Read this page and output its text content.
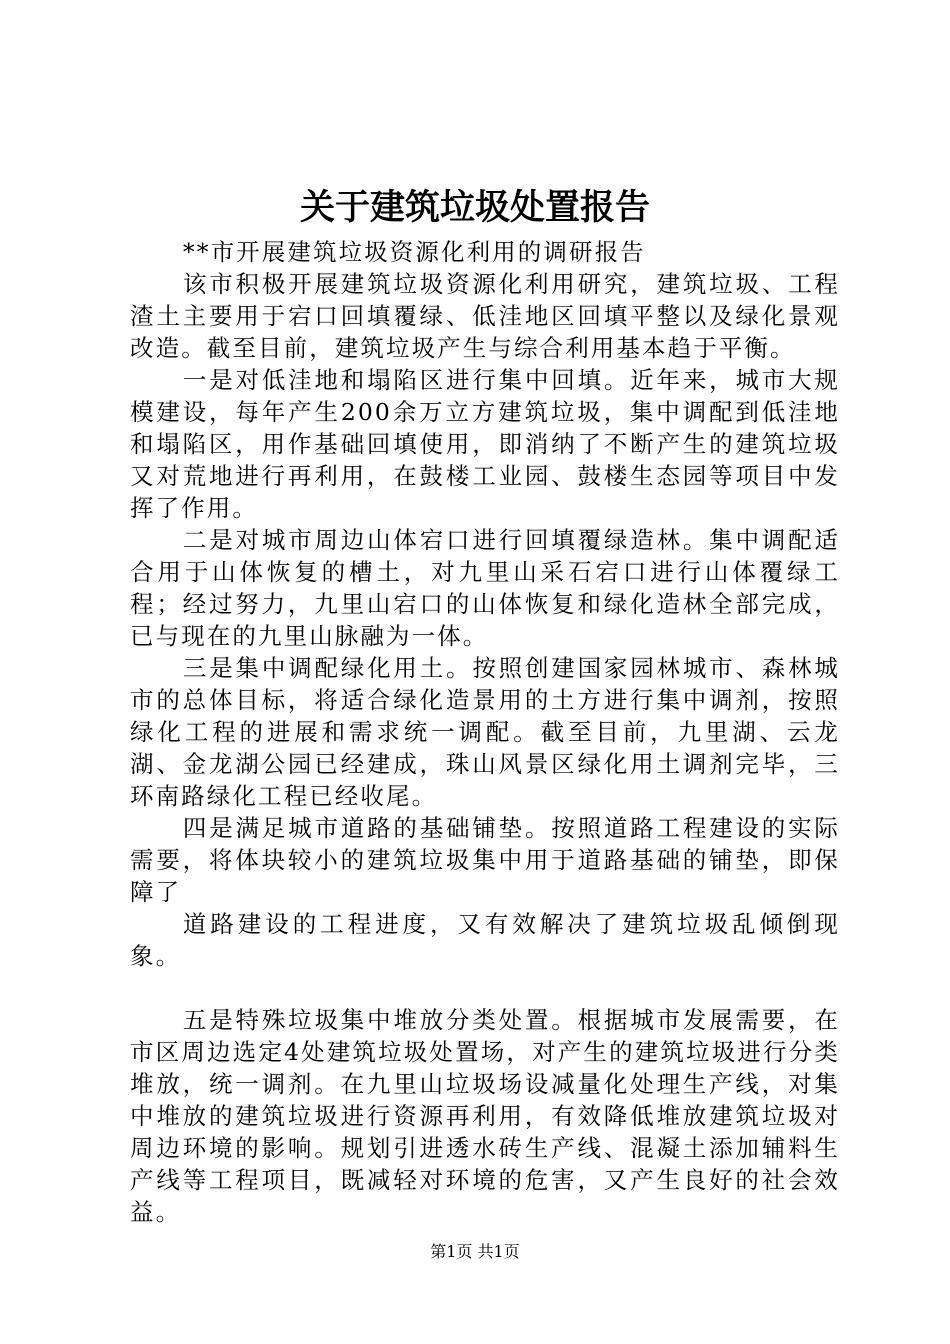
关于建筑垃圾处置报告

**市开展建筑垃圾资源化利用的调研报告

该市积极开展建筑垃圾资源化利用研究，建筑垃圾、工程渣土主要用于宕口回填覆绿、低洼地区回填平整以及绿化景观改造。截至目前，建筑垃圾产生与综合利用基本趋于平衡。

一是对低洼地和塌陷区进行集中回填。近年来，城市大规模建设，每年产生200余万立方建筑垃圾，集中调配到低洼地和塌陷区，用作基础回填使用，即消纳了不断产生的建筑垃圾又对荒地进行再利用，在鼓楼工业园、鼓楼生态园等项目中发挥了作用。

二是对城市周边山体宕口进行回填覆绿造林。集中调配适合用于山体恢复的槽土，对九里山采石宕口进行山体覆绿工程；经过努力，九里山宕口的山体恢复和绿化造林全部完成，已与现在的九里山脉融为一体。

三是集中调配绿化用土。按照创建国家园林城市、森林城市的总体目标，将适合绿化造景用的土方进行集中调剂，按照绿化工程的进展和需求统一调配。截至目前，九里湖、云龙湖、金龙湖公园已经建成，珠山风景区绿化用土调剂完毕，三环南路绿化工程已经收尾。

四是满足城市道路的基础铺垫。按照道路工程建设的实际需要，将体块较小的建筑垃圾集中用于道路基础的铺垫，即保障了

道路建设的工程进度，又有效解决了建筑垃圾乱倾倒现象。

五是特殊垃圾集中堆放分类处置。根据城市发展需要，在市区周边选定4处建筑垃圾处置场，对产生的建筑垃圾进行分类堆放，统一调剂。在九里山垃圾场设减量化处理生产线，对集中堆放的建筑垃圾进行资源再利用，有效降低堆放建筑垃圾对周边环境的影响。规划引进透水砖生产线、混凝土添加辅料生产线等工程项目，既减轻对环境的危害，又产生良好的社会效益。

第1页 共1页
